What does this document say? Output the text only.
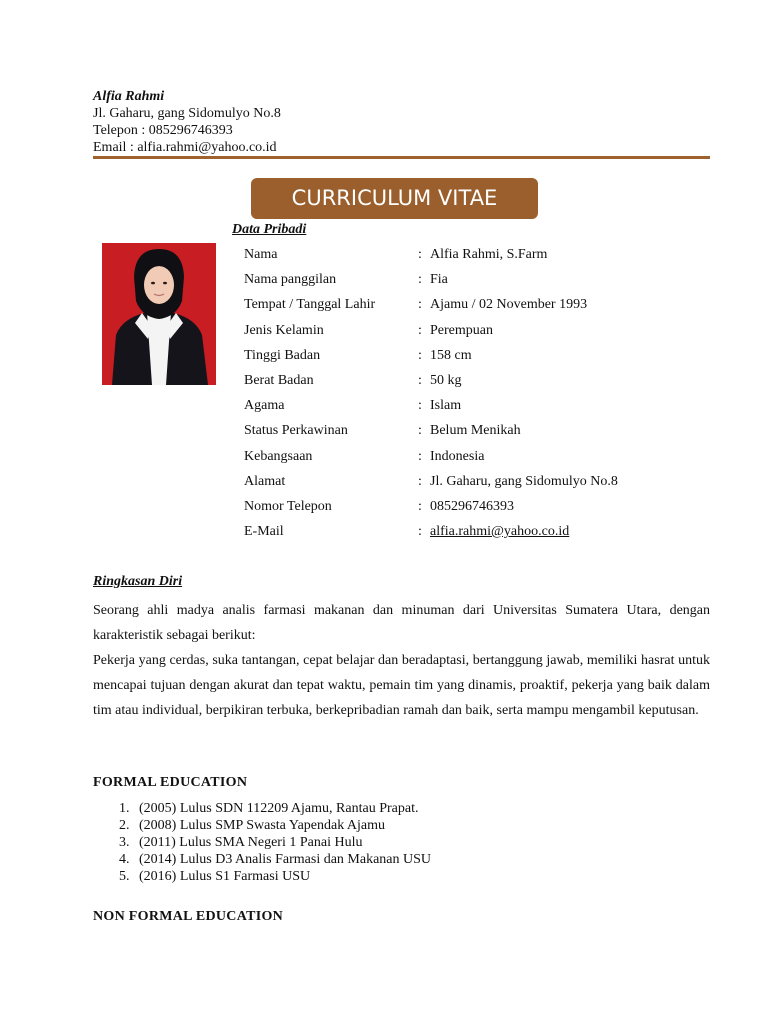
Alfia Rahmi
Jl. Gaharu, gang Sidomulyo No.8
Telepon : 085296746393
Email : alfia.rahmi@yahoo.co.id
CURRICULUM VITAE
Data Pribadi
Nama	: Alfia Rahmi, S.Farm
Nama panggilan	: Fia
Tempat / Tanggal Lahir	: Ajamu / 02 November 1993
Jenis Kelamin	: Perempuan
Tinggi Badan	: 158 cm
Berat Badan	: 50 kg
Agama	: Islam
Status Perkawinan	: Belum Menikah
Kebangsaan	: Indonesia
Alamat	: Jl. Gaharu, gang Sidomulyo No.8
Nomor Telepon	: 085296746393
E-Mail	: alfia.rahmi@yahoo.co.id
Ringkasan Diri

Seorang ahli madya analis farmasi makanan dan minuman dari Universitas Sumatera Utara, dengan karakteristik sebagai berikut:

Pekerja yang cerdas, suka tantangan, cepat belajar dan beradaptasi, bertanggung jawab, memiliki hasrat untuk mencapai tujuan dengan akurat dan tepat waktu, pemain tim yang dinamis, proaktif, pekerja yang baik dalam tim atau individual, berpikiran terbuka, berkepribadian ramah dan baik, serta mampu mengambil keputusan.

FORMAL EDUCATION
1. (2005) Lulus SDN 112209 Ajamu, Rantau Prapat.
2. (2008) Lulus SMP Swasta Yapendak Ajamu
3. (2011) Lulus SMA Negeri 1 Panai Hulu
4. (2014) Lulus D3 Analis Farmasi dan Makanan USU
5. (2016) Lulus S1 Farmasi USU
NON FORMAL EDUCATION
